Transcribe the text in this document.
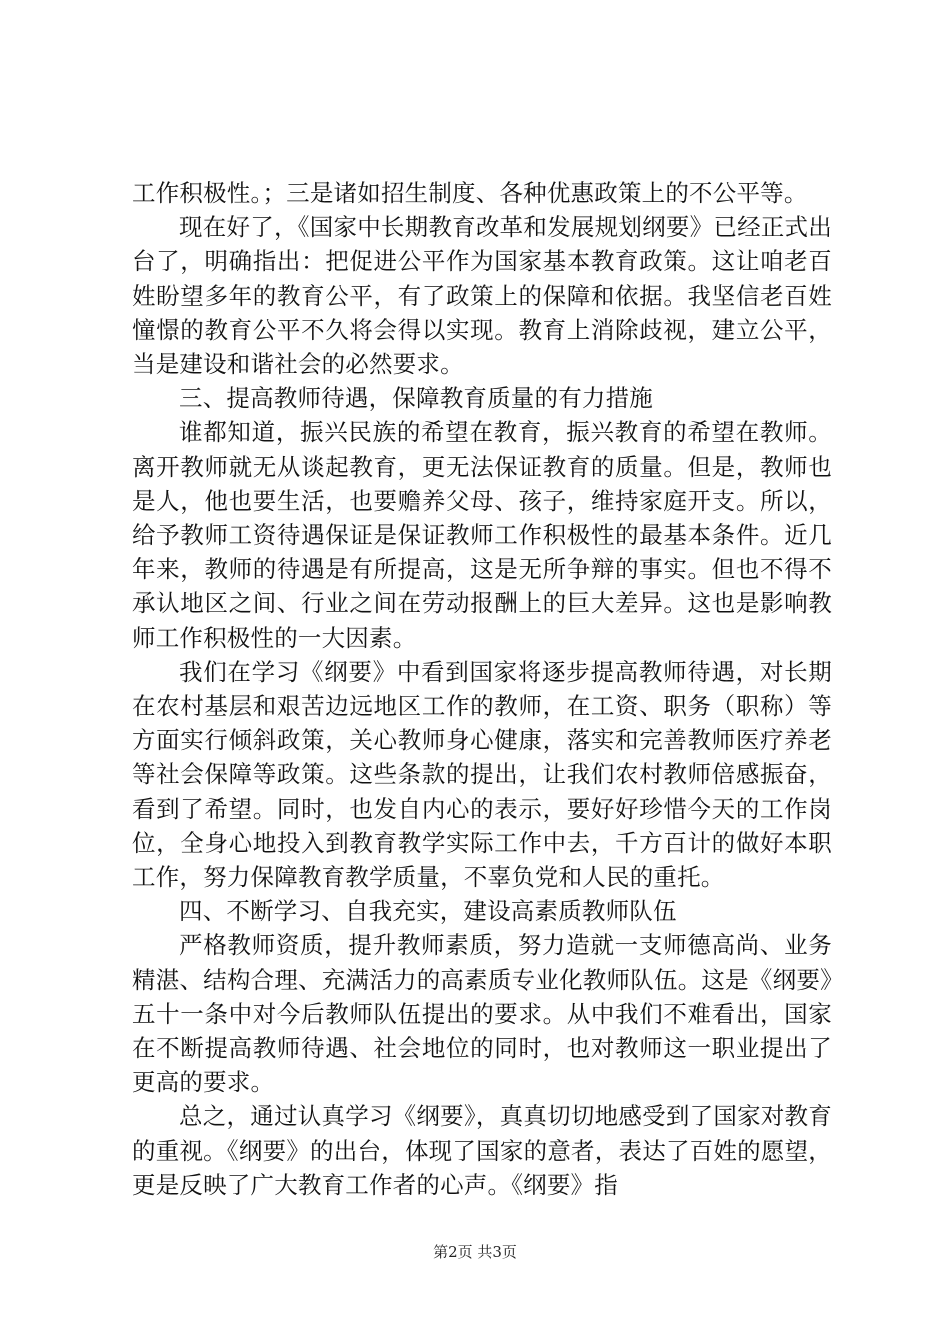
工作积极性。；三是诸如招生制度、各种优惠政策上的不公平等。

现在好了，《国家中长期教育改革和发展规划纲要》已经正式出台了，明确指出：把促进公平作为国家基本教育政策。这让咱老百姓盼望多年的教育公平，有了政策上的保障和依据。我坚信老百姓憧憬的教育公平不久将会得以实现。教育上消除歧视，建立公平，当是建设和谐社会的必然要求。

三、提高教师待遇，保障教育质量的有力措施

谁都知道，振兴民族的希望在教育，振兴教育的希望在教师。离开教师就无从谈起教育，更无法保证教育的质量。但是，教师也是人，他也要生活，也要赡养父母、孩子，维持家庭开支。所以，给予教师工资待遇保证是保证教师工作积极性的最基本条件。近几年来，教师的待遇是有所提高，这是无所争辩的事实。但也不得不承认地区之间、行业之间在劳动报酬上的巨大差异。这也是影响教师工作积极性的一大因素。

我们在学习《纲要》中看到国家将逐步提高教师待遇，对长期在农村基层和艰苦边远地区工作的教师，在工资、职务（职称）等方面实行倾斜政策，关心教师身心健康，落实和完善教师医疗养老等社会保障等政策。这些条款的提出，让我们农村教师倍感振奋，看到了希望。同时，也发自内心的表示，要好好珍惜今天的工作岗位，全身心地投入到教育教学实际工作中去，千方百计的做好本职工作，努力保障教育教学质量，不辜负党和人民的重托。

四、不断学习、自我充实，建设高素质教师队伍

严格教师资质，提升教师素质，努力造就一支师德高尚、业务精湛、结构合理、充满活力的高素质专业化教师队伍。这是《纲要》五十一条中对今后教师队伍提出的要求。从中我们不难看出，国家在不断提高教师待遇、社会地位的同时，也对教师这一职业提出了更高的要求。

总之，通过认真学习《纲要》，真真切切地感受到了国家对教育的重视。《纲要》的出台，体现了国家的意者，表达了百姓的愿望，更是反映了广大教育工作者的心声。《纲要》指

第2页 共3页
